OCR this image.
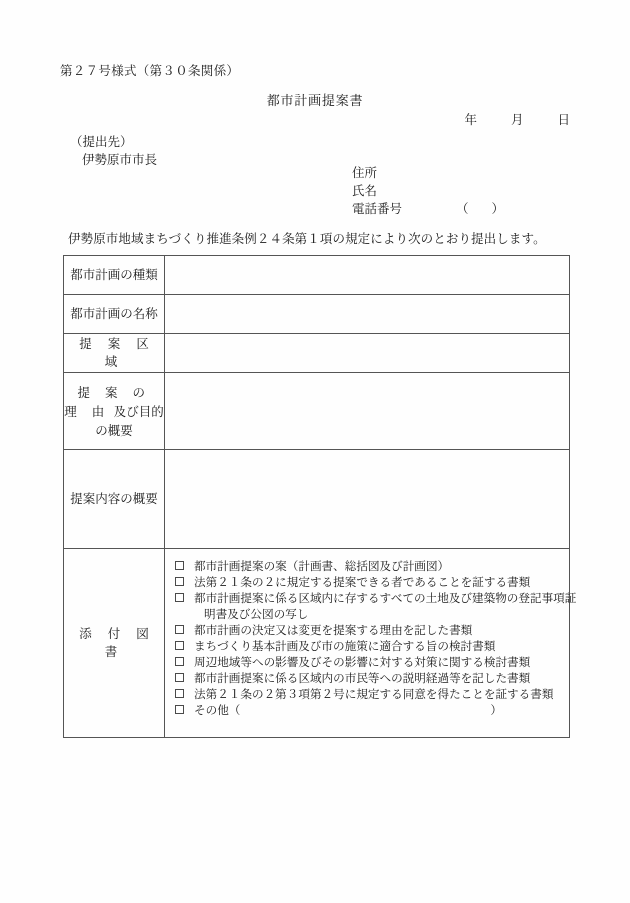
第２７号様式（第３０条関係）
都市計画提案書
年	月	日
（提出先）
伊勢原市市長
住所
氏名
電話番号	（ ）
伊勢原市地域まちづくり推進条例２４条第１項の規定により次のとおり提出します。
都市計画の種類	
都市計画の名称	
提 案 区 域	

提 案 の 理 由 及び目的の概要	

提案内容の概要	
添 付 図 書	
都市計画提案の案（計画書、総括図及び計画図）
法第２１条の２に規定する提案できる者であることを証する書類
都市計画提案に係る区域内に存するすべての土地及び建築物の登記事項証
明書及び公図の写し
都市計画の決定又は変更を提案する理由を記した書類
まちづくり基本計画及び市の施策に適合する旨の検討書類
周辺地域等への影響及びその影響に対する対策に関する検討書類
都市計画提案に係る区域内の市民等への説明経過等を記した書類
法第２１条の２第３項第２号に規定する同意を得たことを証する書類
その他（	）
